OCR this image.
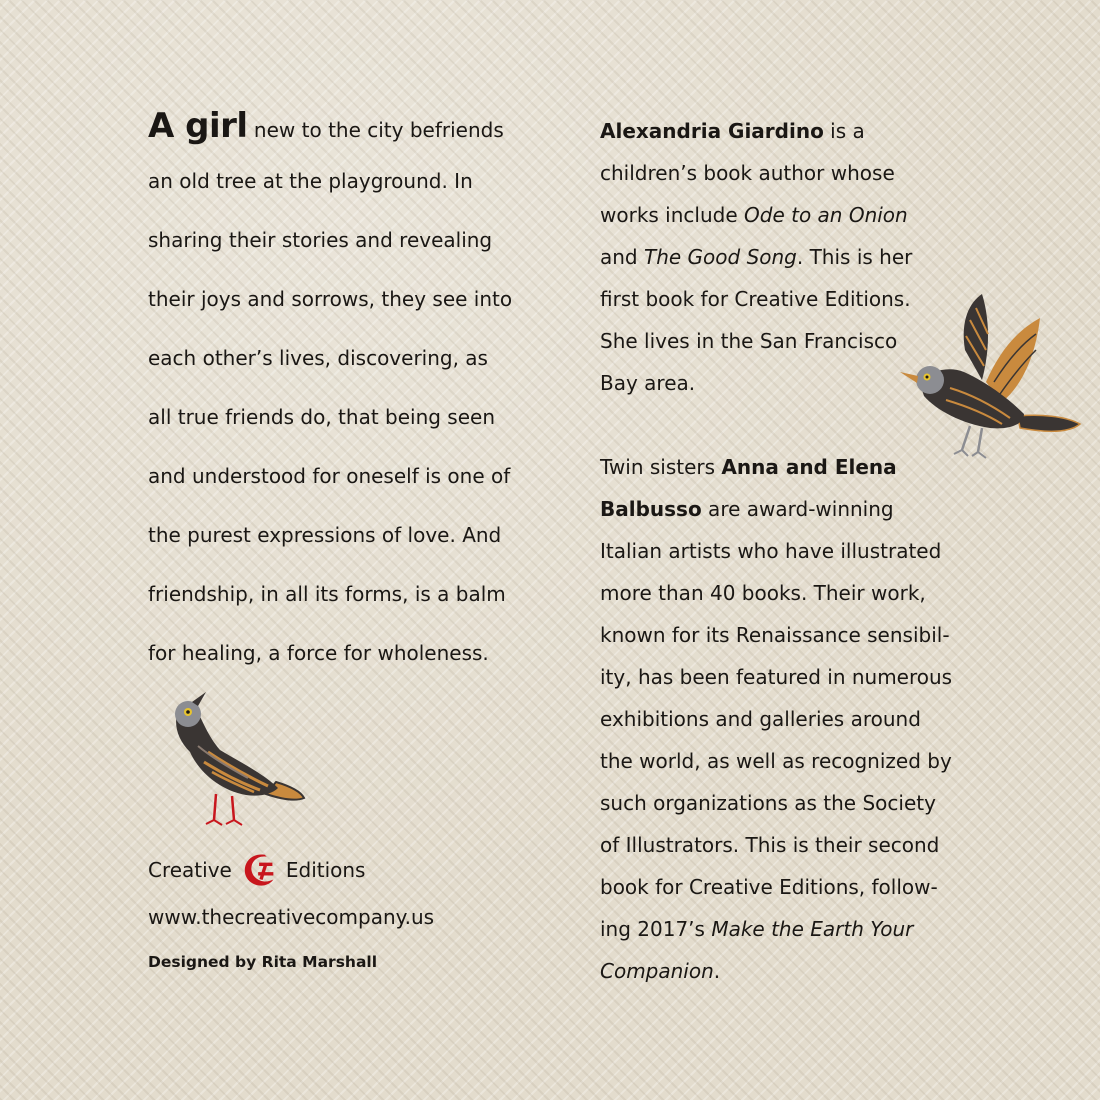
A girl new to the city befriends
an old tree at the playground. In
sharing their stories and revealing
their joys and sorrows, they see into
each other’s lives, discovering, as
all true friends do, that being seen
and understood for oneself is one of
the purest expressions of love. And
friendship, in all its forms, is a balm
for healing, a force for wholeness.
Creative	Editions
www.thecreativecompany.us
Designed by Rita Marshall
Alexandria Giardino is a
children’s book author whose
works include Ode to an Onion
and The Good Song. This is her
first book for Creative Editions.
She lives in the San Francisco
Bay area.
Twin sisters Anna and Elena
Balbusso are award-winning
Italian artists who have illustrated
more than 40 books. Their work,
known for its Renaissance sensibil-
ity, has been featured in numerous
exhibitions and galleries around
the world, as well as recognized by
such organizations as the Society
of Illustrators. This is their second
book for Creative Editions, follow-
ing 2017’s Make the Earth Your
Companion.
